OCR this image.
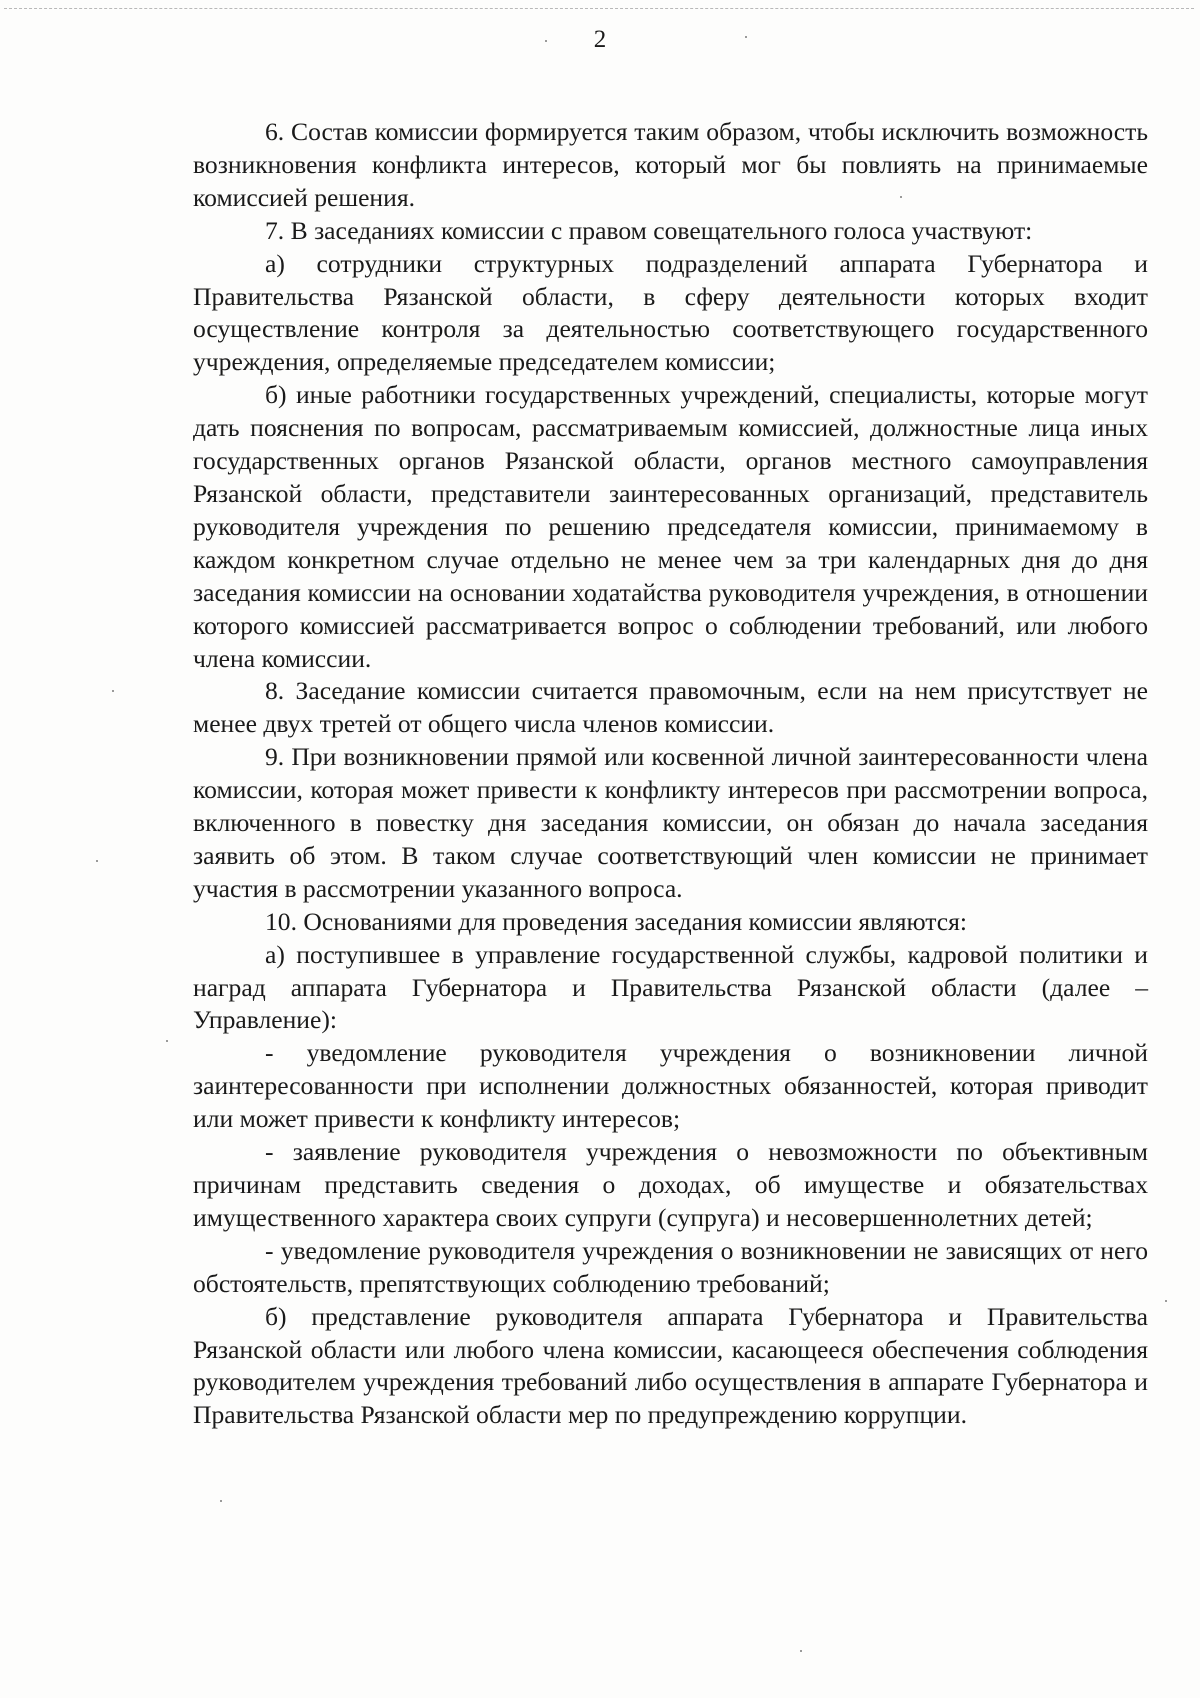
2

6. Состав комиссии формируется таким образом, чтобы исключить возможность возникновения конфликта интересов, который мог бы повлиять на принимаемые комиссией решения.

7. В заседаниях комиссии с правом совещательного голоса участвуют:

а) сотрудники структурных подразделений аппарата Губернатора и Правительства Рязанской области, в сферу деятельности которых входит осуществление контроля за деятельностью соответствующего государственного учреждения, определяемые председателем комиссии;

б) иные работники государственных учреждений, специалисты, которые могут дать пояснения по вопросам, рассматриваемым комиссией, должностные лица иных государственных органов Рязанской области, органов местного самоуправления Рязанской области, представители заинтересованных организаций, представитель руководителя учреждения по решению председателя комиссии, принимаемому в каждом конкретном случае отдельно не менее чем за три календарных дня до дня заседания комиссии на основании ходатайства руководителя учреждения, в отношении которого комиссией рассматривается вопрос о соблюдении требований, или любого члена комиссии.

8. Заседание комиссии считается правомочным, если на нем присутствует не менее двух третей от общего числа членов комиссии.

9. При возникновении прямой или косвенной личной заинтересованности члена комиссии, которая может привести к конфликту интересов при рассмотрении вопроса, включенного в повестку дня заседания комиссии, он обязан до начала заседания заявить об этом. В таком случае соответствующий член комиссии не принимает участия в рассмотрении указанного вопроса.

10. Основаниями для проведения заседания комиссии являются:

а) поступившее в управление государственной службы, кадровой политики и наград аппарата Губернатора и Правительства Рязанской области (далее – Управление):

- уведомление руководителя учреждения о возникновении личной заинтересованности при исполнении должностных обязанностей, которая приводит или может привести к конфликту интересов;

- заявление руководителя учреждения о невозможности по объективным причинам представить сведения о доходах, об имуществе и обязательствах имущественного характера своих супруги (супруга) и несовершеннолетних детей;

- уведомление руководителя учреждения о возникновении не зависящих от него обстоятельств, препятствующих соблюдению требований;

б) представление руководителя аппарата Губернатора и Правительства Рязанской области или любого члена комиссии, касающееся обеспечения соблюдения руководителем учреждения требований либо осуществления в аппарате Губернатора и Правительства Рязанской области мер по предупреждению коррупции.
